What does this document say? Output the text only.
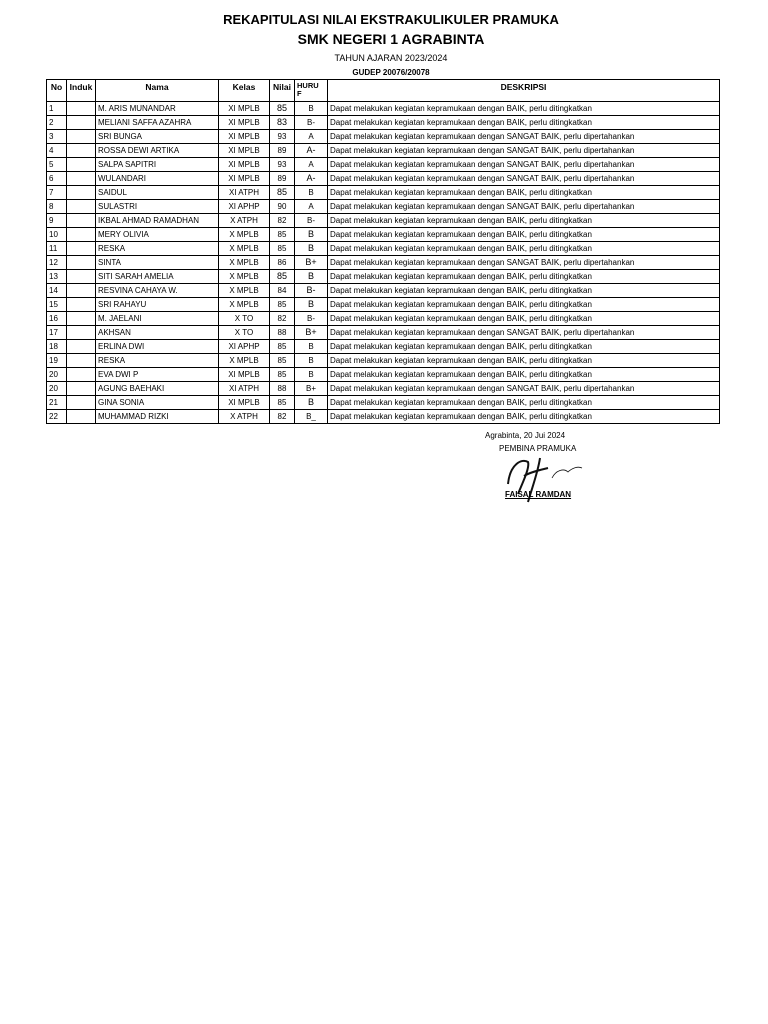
REKAPITULASI NILAI EKSTRAKULIKULER PRAMUKA
SMK NEGERI 1 AGRABINTA
TAHUN AJARAN 2023/2024
GUDEP 20076/20078
No	Induk	Nama	Kelas	Nilai	HURU F	DESKRIPSI
1		M. ARIS MUNANDAR	XI MPLB	85	B	Dapat melakukan kegiatan kepramukaan dengan BAIK, perlu ditingkatkan
2		MELIANI SAFFA AZAHRA	XI MPLB	83	B-	Dapat melakukan kegiatan kepramukaan dengan BAIK, perlu ditingkatkan
3		SRI BUNGA	XI MPLB	93	A	Dapat melakukan kegiatan kepramukaan dengan SANGAT BAIK, perlu dipertahankan
4		ROSSA DEWI ARTIKA	XI MPLB	89	A-	Dapat melakukan kegiatan kepramukaan dengan SANGAT BAIK, perlu dipertahankan
5		SALPA SAPITRI	XI MPLB	93	A	Dapat melakukan kegiatan kepramukaan dengan SANGAT BAIK, perlu dipertahankan
6		WULANDARI	XI MPLB	89	A-	Dapat melakukan kegiatan kepramukaan dengan SANGAT BAIK, perlu dipertahankan
7		SAIDUL	XI ATPH	85	B	Dapat melakukan kegiatan kepramukaan dengan BAIK, perlu ditingkatkan
8		SULASTRI	XI APHP	90	A	Dapat melakukan kegiatan kepramukaan dengan SANGAT BAIK, perlu dipertahankan
9		IKBAL AHMAD RAMADHAN	X ATPH	82	B-	Dapat melakukan kegiatan kepramukaan dengan BAIK, perlu ditingkatkan
10		MERY OLIVIA	X MPLB	85	B	Dapat melakukan kegiatan kepramukaan dengan BAIK, perlu ditingkatkan
11		RESKA	X MPLB	85	B	Dapat melakukan kegiatan kepramukaan dengan BAIK, perlu ditingkatkan
12		SINTA	X MPLB	86	B+	Dapat melakukan kegiatan kepramukaan dengan SANGAT BAIK, perlu dipertahankan
13		SITI SARAH AMELIA	X MPLB	85	B	Dapat melakukan kegiatan kepramukaan dengan BAIK, perlu ditingkatkan
14		RESVINA CAHAYA W.	X MPLB	84	B-	Dapat melakukan kegiatan kepramukaan dengan BAIK, perlu ditingkatkan
15		SRI RAHAYU	X MPLB	85	B	Dapat melakukan kegiatan kepramukaan dengan BAIK, perlu ditingkatkan
16		M. JAELANI	X TO	82	B-	Dapat melakukan kegiatan kepramukaan dengan BAIK, perlu ditingkatkan
17		AKHSAN	X TO	88	B+	Dapat melakukan kegiatan kepramukaan dengan SANGAT BAIK, perlu dipertahankan
18		ERLINA DWI	XI APHP	85	B	Dapat melakukan kegiatan kepramukaan dengan BAIK, perlu ditingkatkan
19		RESKA	X MPLB	85	B	Dapat melakukan kegiatan kepramukaan dengan BAIK, perlu ditingkatkan
20		EVA DWI P	XI MPLB	85	B	Dapat melakukan kegiatan kepramukaan dengan BAIK, perlu ditingkatkan
20		AGUNG BAEHAKI	XI ATPH	88	B+	Dapat melakukan kegiatan kepramukaan dengan SANGAT BAIK, perlu dipertahankan
21		GINA SONIA	XI MPLB	85	B	Dapat melakukan kegiatan kepramukaan dengan BAIK, perlu ditingkatkan
22		MUHAMMAD RIZKI	X ATPH	82	B_	Dapat melakukan kegiatan kepramukaan dengan BAIK, perlu ditingkatkan
Agrabinta, 20 Jui 2024
PEMBINA PRAMUKA
FAISAL RAMDAN
